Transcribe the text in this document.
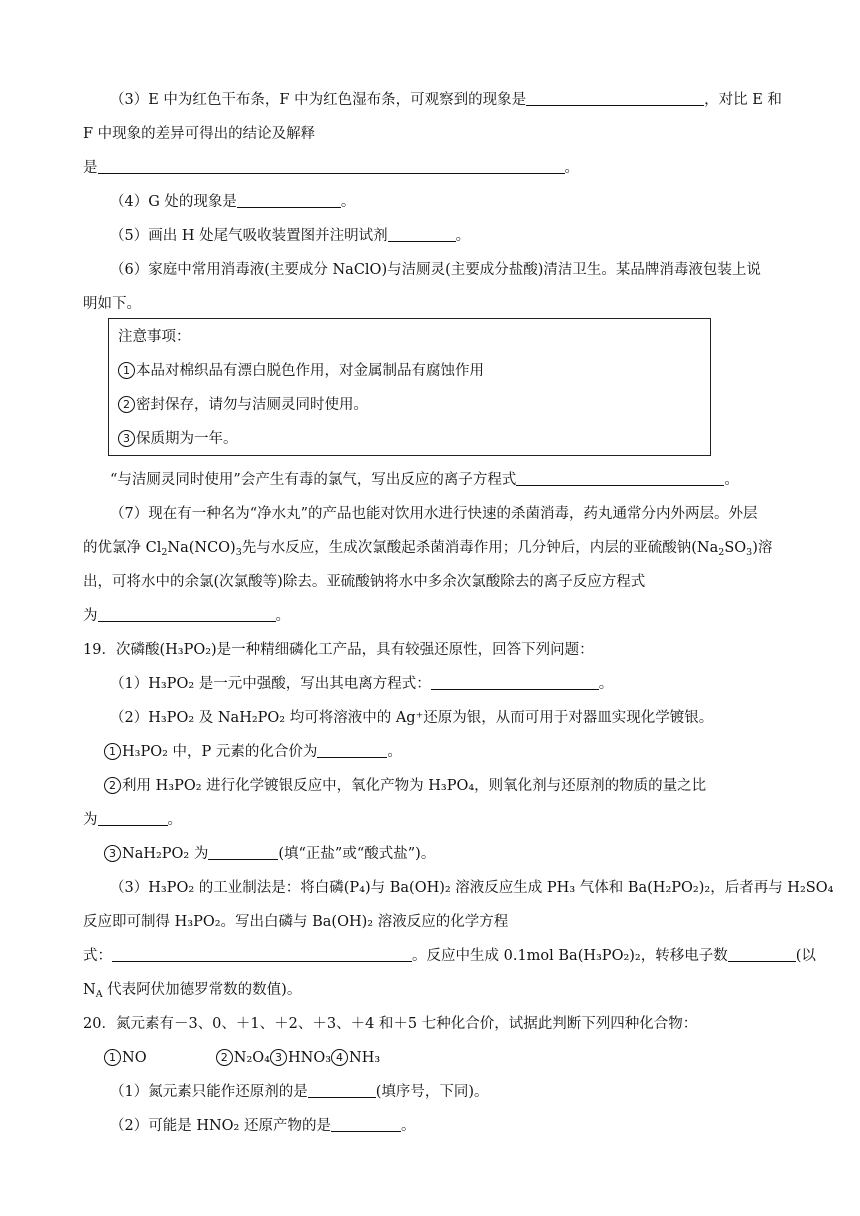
（3）E 中为红色干布条，F 中为红色湿布条，可观察到的现象是	，对比 E 和
F 中现象的差异可得出的结论及解释
是	。
（4）G 处的现象是	。
（5）画出 H 处尾气吸收装置图并注明试剂	。
（6）家庭中常用消毒液(主要成分 NaClO)与洁厕灵(主要成分盐酸)清洁卫生。某品牌消毒液包装上说
明如下。
注意事项：
1 本品对棉织品有漂白脱色作用，对金属制品有腐蚀作用
2 密封保存，请勿与洁厕灵同时使用。
3 保质期为一年。
“与洁厕灵同时使用”会产生有毒的氯气，写出反应的离子方程式	。
（7）现在有一种名为“净水丸”的产品也能对饮用水进行快速的杀菌消毒，药丸通常分内外两层。外层
的优氯净 $Cl_2Na(NCO)_3$先与水反应，生成次氯酸起杀菌消毒作用；几分钟后，内层的亚硫酸钠$(Na_2SO_3)$溶
出，可将水中的余氯(次氯酸等)除去。亚硫酸钠将水中多余次氯酸除去的离子反应方程式
为	。
19．次磷酸(H₃PO₂)是一种精细磷化工产品，具有较强还原性，回答下列问题：
（1）H₃PO₂ 是一元中强酸，写出其电离方程式：	。
（2）H₃PO₂ 及 NaH₂PO₂ 均可将溶液中的 Ag⁺还原为银，从而可用于对器皿实现化学镀银。
1 H₃PO₂ 中，P 元素的化合价为	。
2 利用 H₃PO₂ 进行化学镀银反应中，氧化产物为 H₃PO₄，则氧化剂与还原剂的物质的量之比
为	。
3 NaH₂PO₂ 为	(填“正盐”或“酸式盐”)。
（3）H₃PO₂ 的工业制法是：将白磷(P₄)与 Ba(OH)₂ 溶液反应生成 PH₃ 气体和 Ba(H₂PO₂)₂，后者再与 H₂SO₄
反应即可制得 H₃PO₂。写出白磷与 Ba(OH)₂ 溶液反应的化学方程
式：	。反应中生成 0.1mol Ba(H₃PO₂)₂，转移电子数	(以
$N_A$ 代表阿伏加德罗常数的数值)。
20．氮元素有－3、0、＋1、＋2、＋3、＋4 和＋5 七种化合价，试据此判断下列四种化合物：
1 NO	2 N₂O₄ 3 HNO₃ 4 NH₃
（1）氮元素只能作还原剂的是	(填序号，下同)。
（2）可能是 HNO₂ 还原产物的是	。
